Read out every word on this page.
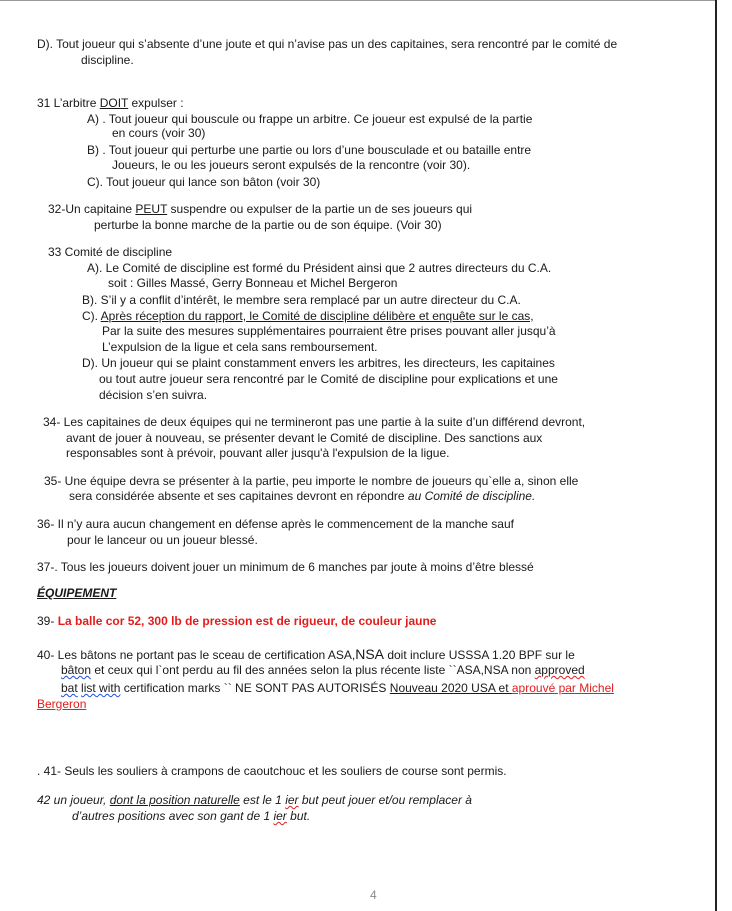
D). Tout joueur qui s’absente d’une joute et qui n’avise pas un des capitaines, sera rencontré par le comité de
discipline.
31 L’arbitre DOIT expulser :
A) . Tout joueur qui bouscule ou frappe un arbitre. Ce joueur est expulsé de la partie
en cours (voir 30)
B) . Tout joueur qui perturbe une partie ou lors d’une bousculade et ou bataille entre
Joueurs, le ou les joueurs seront expulsés de la rencontre (voir 30).
C). Tout joueur qui lance son bâton (voir 30)
32-Un capitaine PEUT suspendre ou expulser de la partie un de ses joueurs qui
perturbe la bonne marche de la partie ou de son équipe. (Voir 30)
33 Comité de discipline
A). Le Comité de discipline est formé du Président ainsi que 2 autres directeurs du C.A.
soit : Gilles Massé, Gerry Bonneau et Michel Bergeron
B). S’il y a conflit d’intérêt, le membre sera remplacé par un autre directeur du C.A.
C). Après réception du rapport, le Comité de discipline délibère et enquête sur le cas,
Par la suite des mesures supplémentaires pourraient être prises pouvant aller jusqu’à
L’expulsion de la ligue et cela sans remboursement.
D). Un joueur qui se plaint constamment envers les arbitres, les directeurs, les capitaines
ou tout autre joueur sera rencontré par le Comité de discipline pour explications et une
décision s’en suivra.
34- Les capitaines de deux équipes qui ne termineront pas une partie à la suite d’un différend devront,
avant de jouer à nouveau, se présenter devant le Comité de discipline. Des sanctions aux
responsables sont à prévoir, pouvant aller jusqu'à l'expulsion de la ligue.
35- Une équipe devra se présenter à la partie, peu importe le nombre de joueurs qu`elle a, sinon elle
sera considérée absente et ses capitaines devront en répondre au Comité de discipline.
36- Il n’y aura aucun changement en défense après le commencement de la manche sauf
pour le lanceur ou un joueur blessé.
37-. Tous les joueurs doivent jouer un minimum de 6 manches par joute à moins d’être blessé
ÉQUIPEMENT
39- La balle cor 52, 300 lb de pression est de rigueur, de couleur jaune
40- Les bâtons ne portant pas le sceau de certification ASA,NSA doit inclure USSSA 1.20 BPF sur le
bâton et ceux qui l`ont perdu au fil des années selon la plus récente liste ``ASA,NSA non approved
bat list with certification marks `` NE SONT PAS AUTORISÉS Nouveau 2020 USA et aprouvé par Michel
Bergeron
. 41- Seuls les souliers à crampons de caoutchouc et les souliers de course sont permis.
42 un joueur, dont la position naturelle est le 1 ier but peut jouer et/ou remplacer à
d’autres positions avec son gant de 1 ier but.
4
